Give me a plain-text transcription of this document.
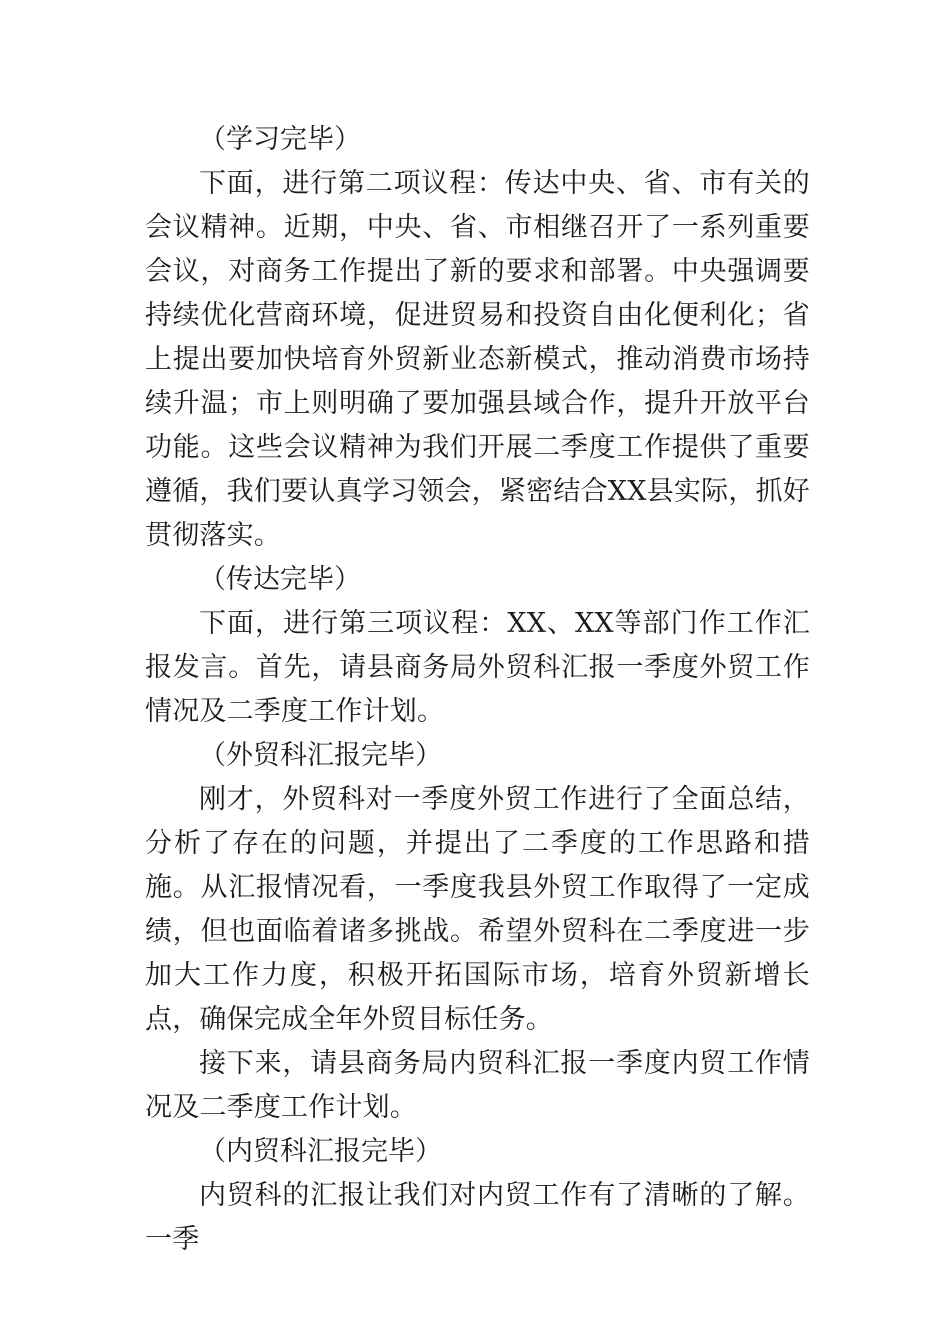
（学习完毕）

下面，进行第二项议程：传达中央、省、市有关的会议精神。近期，中央、省、市相继召开了一系列重要会议，对商务工作提出了新的要求和部署。中央强调要持续优化营商环境，促进贸易和投资自由化便利化；省上提出要加快培育外贸新业态新模式，推动消费市场持续升温；市上则明确了要加强县域合作，提升开放平台功能。这些会议精神为我们开展二季度工作提供了重要遵循，我们要认真学习领会，紧密结合XX县实际，抓好贯彻落实。

（传达完毕）

下面，进行第三项议程：XX、XX等部门作工作汇报发言。首先，请县商务局外贸科汇报一季度外贸工作情况及二季度工作计划。

（外贸科汇报完毕）

刚才，外贸科对一季度外贸工作进行了全面总结，分析了存在的问题，并提出了二季度的工作思路和措施。从汇报情况看，一季度我县外贸工作取得了一定成绩，但也面临着诸多挑战。希望外贸科在二季度进一步加大工作力度，积极开拓国际市场，培育外贸新增长点，确保完成全年外贸目标任务。

接下来，请县商务局内贸科汇报一季度内贸工作情况及二季度工作计划。

（内贸科汇报完毕）

内贸科的汇报让我们对内贸工作有了清晰的了解。一季
